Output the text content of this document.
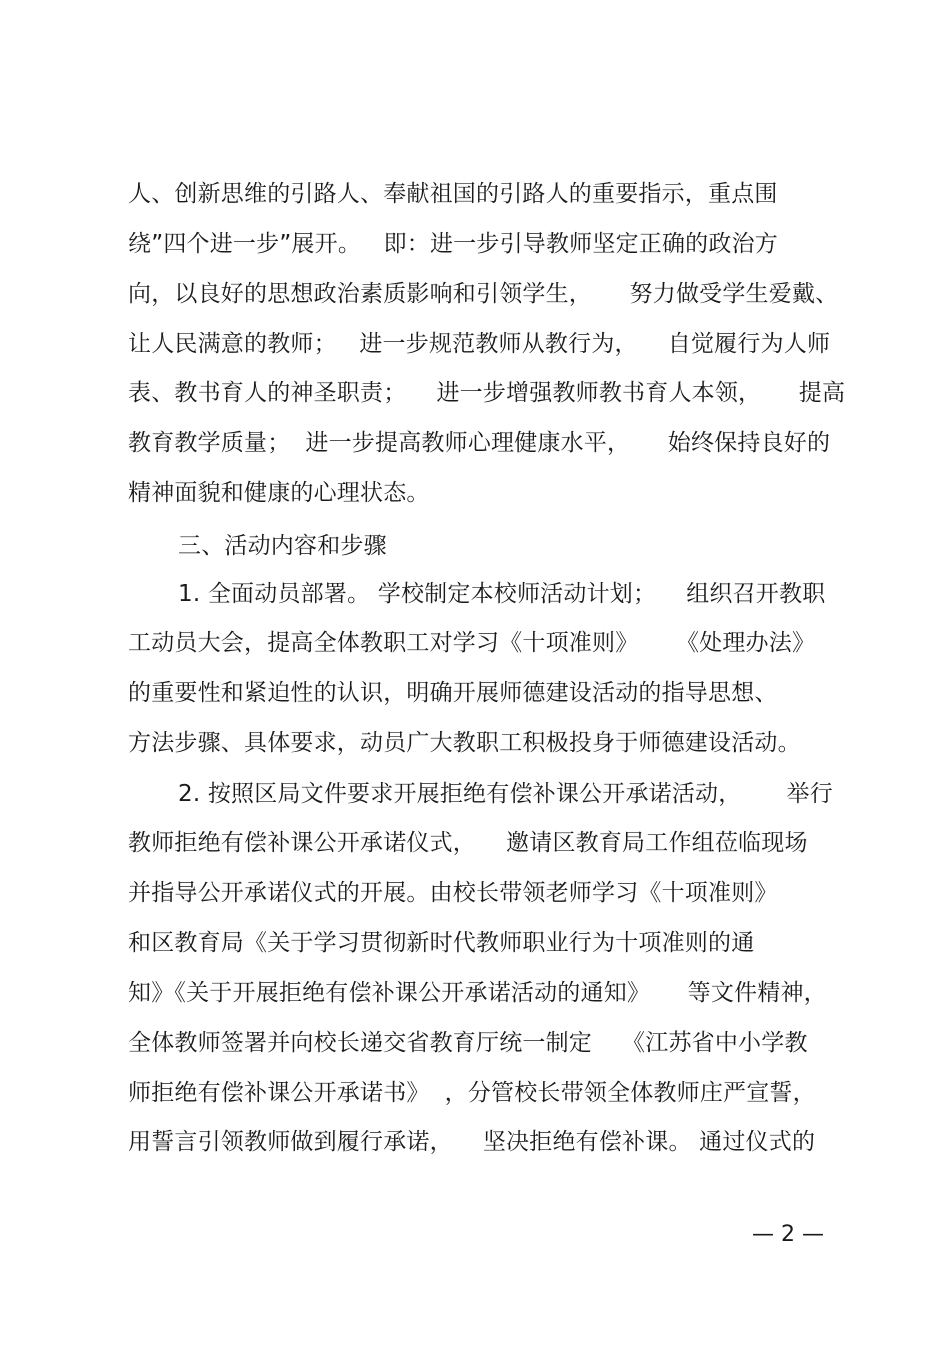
人、创新思维的引路人、奉献祖国的引路人的重要指示，重点围
绕”四个进一步”展开。   即：进一步引导教师坚定正确的政治方
向，以良好的思想政治素质影响和引领学生，     努力做受学生爱戴、
让人民满意的教师；   进一步规范教师从教行为，    自觉履行为人师
表、教书育人的神圣职责；    进一步增强教师教书育人本领，     提高
教育教学质量；  进一步提高教师心理健康水平，     始终保持良好的
精神面貌和健康的心理状态。
三、活动内容和步骤
1. 全面动员部署。 学校制定本校师活动计划；    组织召开教职
工动员大会，提高全体教职工对学习《十项准则》     《处理办法》
的重要性和紧迫性的认识，明确开展师德建设活动的指导思想、
方法步骤、具体要求，动员广大教职工积极投身于师德建设活动。
2. 按照区局文件要求开展拒绝有偿补课公开承诺活动，      举行
教师拒绝有偿补课公开承诺仪式，    邀请区教育局工作组莅临现场
并指导公开承诺仪式的开展。由校长带领老师学习《十项准则》
和区教育局《关于学习贯彻新时代教师职业行为十项准则的通
知》《关于开展拒绝有偿补课公开承诺活动的通知》     等文件精神，
全体教师签署并向校长递交省教育厅统一制定    《江苏省中小学教
师拒绝有偿补课公开承诺书》  ，分管校长带领全体教师庄严宣誓，
用誓言引领教师做到履行承诺，    坚决拒绝有偿补课。 通过仪式的
— 2 —
